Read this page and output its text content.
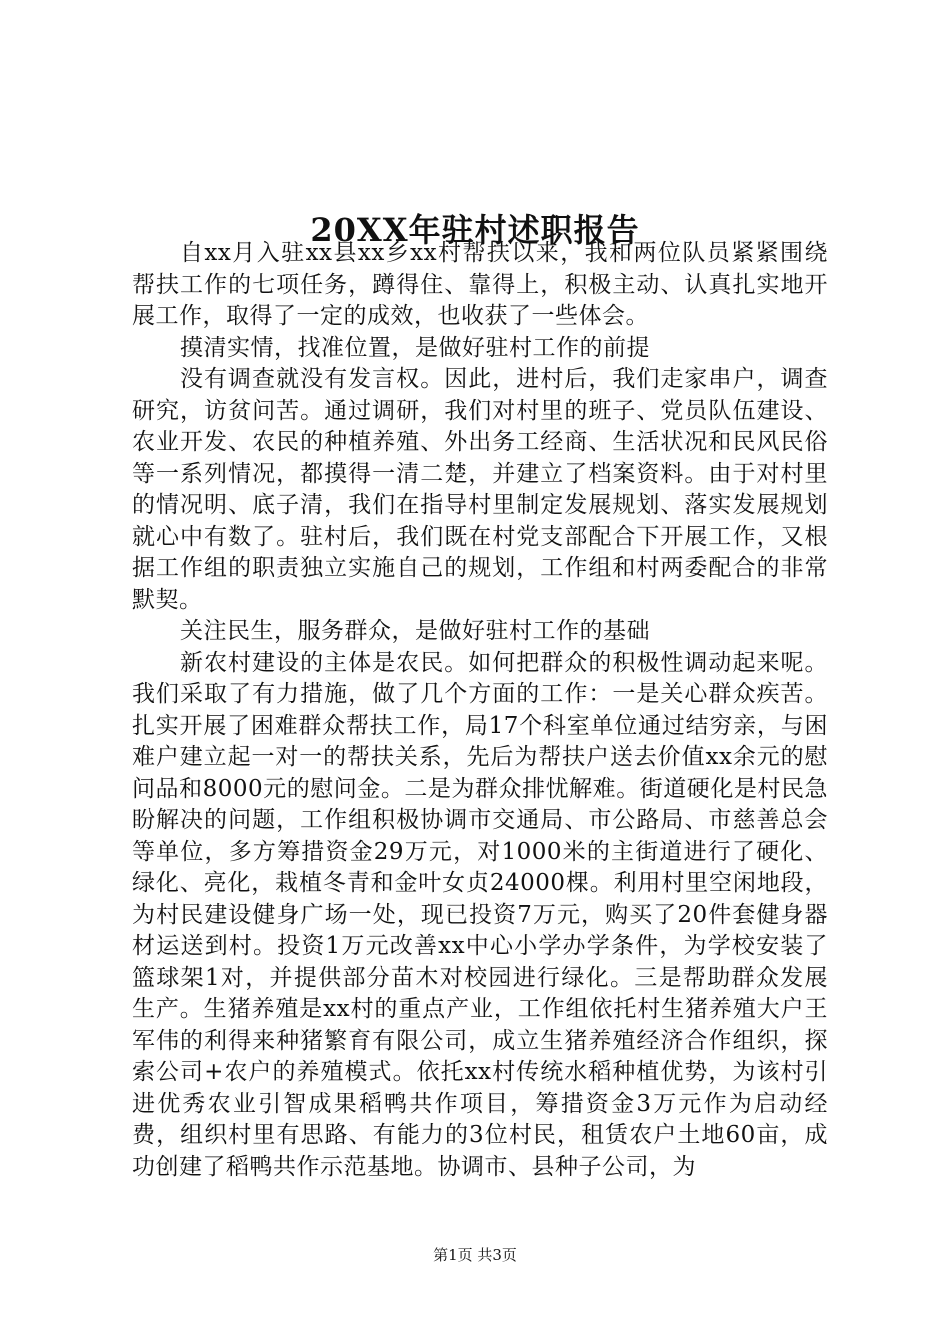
20XX年驻村述职报告

自xx月入驻xx县xx乡xx村帮扶以来，我和两位队员紧紧围绕帮扶工作的七项任务，蹲得住、靠得上，积极主动、认真扎实地开展工作，取得了一定的成效，也收获了一些体会。

摸清实情，找准位置，是做好驻村工作的前提

没有调查就没有发言权。因此，进村后，我们走家串户，调查研究，访贫问苦。通过调研，我们对村里的班子、党员队伍建设、农业开发、农民的种植养殖、外出务工经商、生活状况和民风民俗等一系列情况，都摸得一清二楚，并建立了档案资料。由于对村里的情况明、底子清，我们在指导村里制定发展规划、落实发展规划就心中有数了。驻村后，我们既在村党支部配合下开展工作，又根据工作组的职责独立实施自己的规划，工作组和村两委配合的非常默契。

关注民生，服务群众，是做好驻村工作的基础

新农村建设的主体是农民。如何把群众的积极性调动起来呢。我们采取了有力措施，做了几个方面的工作：一是关心群众疾苦。扎实开展了困难群众帮扶工作，局17个科室单位通过结穷亲，与困难户建立起一对一的帮扶关系，先后为帮扶户送去价值xx余元的慰问品和8000元的慰问金。二是为群众排忧解难。街道硬化是村民急盼解决的问题，工作组积极协调市交通局、市公路局、市慈善总会等单位，多方筹措资金29万元，对1000米的主街道进行了硬化、绿化、亮化，栽植冬青和金叶女贞24000棵。利用村里空闲地段，为村民建设健身广场一处，现已投资7万元，购买了20件套健身器材运送到村。投资1万元改善xx中心小学办学条件，为学校安装了篮球架1对，并提供部分苗木对校园进行绿化。三是帮助群众发展生产。生猪养殖是xx村的重点产业，工作组依托村生猪养殖大户王军伟的利得来种猪繁育有限公司，成立生猪养殖经济合作组织，探索公司+农户的养殖模式。依托xx村传统水稻种植优势，为该村引进优秀农业引智成果稻鸭共作项目，筹措资金3万元作为启动经费，组织村里有思路、有能力的3位村民，租赁农户土地60亩，成功创建了稻鸭共作示范基地。协调市、县种子公司，为

第1页 共3页
